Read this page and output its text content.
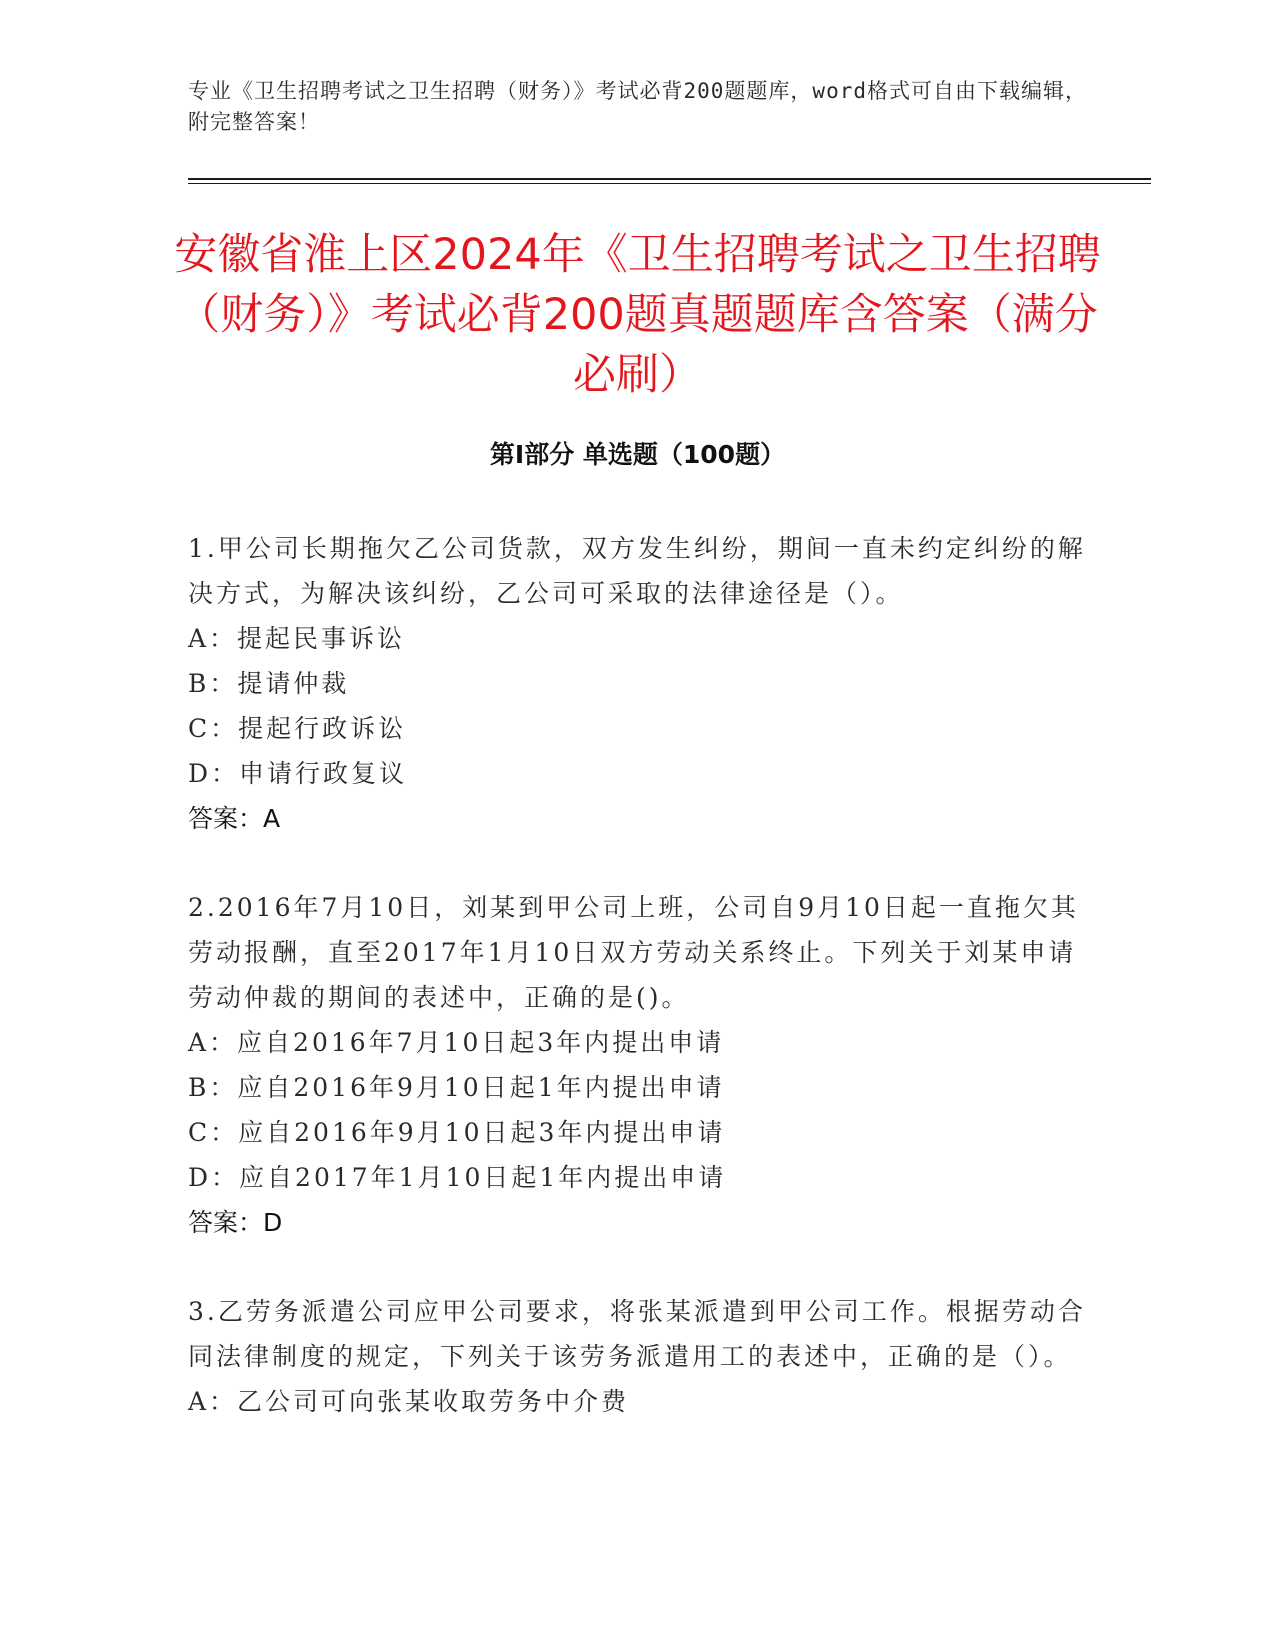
专业《卫生招聘考试之卫生招聘（财务）》考试必背200题题库，word格式可自由下载编辑，附完整答案！
安徽省淮上区2024年《卫生招聘考试之卫生招聘（财务）》考试必背200题真题题库含答案（满分必刷）
第Ⅰ部分 单选题（100题）

1.甲公司长期拖欠乙公司货款，双方发生纠纷，期间一直未约定纠纷的解决方式，为解决该纠纷，乙公司可采取的法律途径是（）。

A：提起民事诉讼

B：提请仲裁

C：提起行政诉讼

D：申请行政复议

答案：A

2.2016年7月10日，刘某到甲公司上班，公司自9月10日起一直拖欠其劳动报酬，直至2017年1月10日双方劳动关系终止。下列关于刘某申请劳动仲裁的期间的表述中，正确的是()。

A：应自2016年7月10日起3年内提出申请

B：应自2016年9月10日起1年内提出申请

C：应自2016年9月10日起3年内提出申请

D：应自2017年1月10日起1年内提出申请

答案：D

3.乙劳务派遣公司应甲公司要求，将张某派遣到甲公司工作。根据劳动合同法律制度的规定，下列关于该劳务派遣用工的表述中，正确的是（）。

A：乙公司可向张某收取劳务中介费
